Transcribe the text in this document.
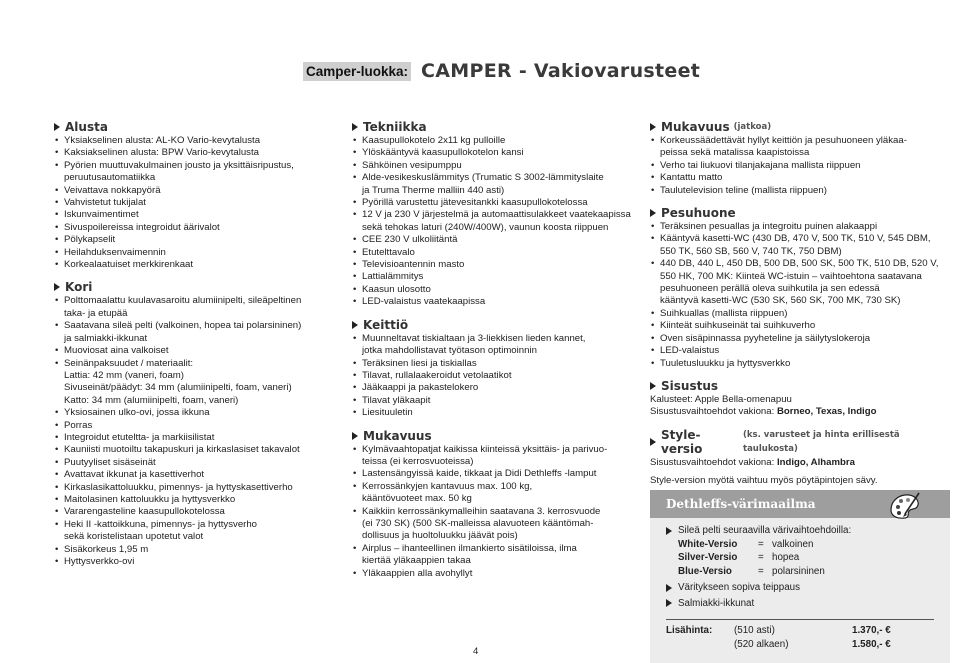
Camper-luokka: CAMPER - Vakiovarusteet
Alusta
• Yksiakselinen alusta: AL-KO Vario-kevytalusta
• Kaksiakselinen alusta: BPW Vario-kevytalusta
• Pyörien muuttuvakulmainen jousto ja yksittäisripustus,
peruutusautomatiikka
• Veivattava nokkapyörä
• Vahvistetut tukijalat
• Iskunvaimentimet
• Sivuspoilereissa integroidut äärivalot
• Pölykapselit
• Heilahduksenvaimennin
• Korkealaatuiset merkkirenkaat
Kori
• Polttomaalattu kuulavasaroitu alumiinipelti, sileäpeltinen
taka- ja etupää
• Saatavana sileä pelti (valkoinen, hopea tai polarsininen)
ja salmiakki-ikkunat
• Muoviosat aina valkoiset
• Seinänpaksuudet / materiaalit:
Lattia: 42 mm (vaneri, foam)
Sivuseinät/päädyt: 34 mm (alumiinipelti, foam, vaneri)
Katto: 34 mm (alumiinipelti, foam, vaneri)
• Yksiosainen ulko-ovi, jossa ikkuna
• Porras
• Integroidut etuteltta- ja markiisilistat
• Kauniisti muotoiltu takapuskuri ja kirkaslasiset takavalot
• Puutyyliset sisäseinät
• Avattavat ikkunat ja kasettiverhot
• Kirkaslasikattoluukku, pimennys- ja hyttyskasettiverho
• Maitolasinen kattoluukku ja hyttysverkko
• Vararengasteline kaasupullokotelossa
• Heki II -kattoikkuna, pimennys- ja hyttysverho
sekä koristelistaan upotetut valot
• Sisäkorkeus 1,95 m
• Hyttysverkko-ovi
Tekniikka
• Kaasupullokotelo 2x11 kg pulloille
• Ylöskääntyvä kaasupullokotelon kansi
• Sähköinen vesipumppu
• Alde-vesikeskuslämmitys (Trumatic S 3002-lämmityslaite
ja Truma Therme malliin 440 asti)
• Pyörillä varustettu jätevesitankki kaasupullokotelossa
• 12 V ja 230 V järjestelmä ja automaattisulakkeet vaatekaapissa
sekä tehokas laturi (240W/400W), vaunun koosta riippuen
• CEE 230 V ulkoliitäntä
• Etutelttavalo
• Televisioantennin masto
• Lattialämmitys
• Kaasun ulosotto
• LED-valaistus vaatekaapissa
Keittiö
• Muunneltavat tiskialtaan ja 3-liekkisen lieden kannet,
jotka mahdollistavat työtason optimoinnin
• Teräksinen liesi ja tiskiallas
• Tilavat, rullalaakeroidut vetolaatikot
• Jääkaappi ja pakastelokero
• Tilavat yläkaapit
• Liesituuletin
Mukavuus
• Kylmävaahtopatjat kaikissa kiinteissä yksittäis- ja parivuo-
teissa (ei kerrosvuoteissa)
• Lastensängyissä kaide, tikkaat ja Didi Dethleffs -lamput
• Kerrossänkyjen kantavuus max. 100 kg,
kääntövuoteet max. 50 kg
• Kaikkiin kerrossänkymalleihin saatavana 3. kerrosvuode
(ei 730 SK) (500 SK-malleissa alavuoteen kääntömah-
dollisuus ja huoltoluukku jäävät pois)
• Airplus – ihanteellinen ilmankierto sisätiloissa, ilma
kiertää yläkaappien takaa
• Yläkaappien alla avohyllyt
Mukavuus (jatkoa)
• Korkeussäädettävät hyllyt keittiön ja pesuhuoneen yläkaa-
peissa sekä matalissa kaapistoissa
• Verho tai liukuovi tilanjakajana mallista riippuen
• Kantattu matto
• Taulutelevision teline (mallista riippuen)
Pesuhuone
• Teräksinen pesuallas ja integroitu puinen alakaappi
• Kääntyvä kasetti-WC (430 DB, 470 V, 500 TK, 510 V, 545 DBM,
550 TK, 560 SB, 560 V, 740 TK, 750 DBM)
• 440 DB, 440 L, 450 DB, 500 DB, 500 SK, 500 TK, 510 DB, 520 V,
550 HK, 700 MK: Kiinteä WC-istuin – vaihtoehtona saatavana
pesuhuoneen perällä oleva suihkutila ja sen edessä
kääntyvä kasetti-WC (530 SK, 560 SK, 700 MK, 730 SK)
• Suihkuallas (mallista riippuen)
• Kiinteät suihkuseinät tai suihkuverho
• Oven sisäpinnassa pyyheteline ja säilytyslokeroja
• LED-valaistus
• Tuuletusluukku ja hyttysverkko
Sisustus
Kalusteet: Apple Bella-omenapuu
Sisustusvaihtoehdot vakiona: Borneo, Texas, Indigo
Style-versio
(ks. varusteet ja hinta erillisestä taulukosta)
Sisustusvaihtoehdot vakiona: Indigo, Alhambra
Style-version myötä vaihtuu myös pöytäpintojen sävy.
Dethleffs-värimaailma
Sileä pelti seuraavilla värivaihtoehdoilla:
White-Versio	= valkoinen
Silver-Versio	= hopea
Blue-Versio	= polarsininen
Väritykseen sopiva teippaus
Salmiakki-ikkunat
Lisähinta:	(510 asti)	1.370,- €
(520 alkaen)	1.580,- €
4
